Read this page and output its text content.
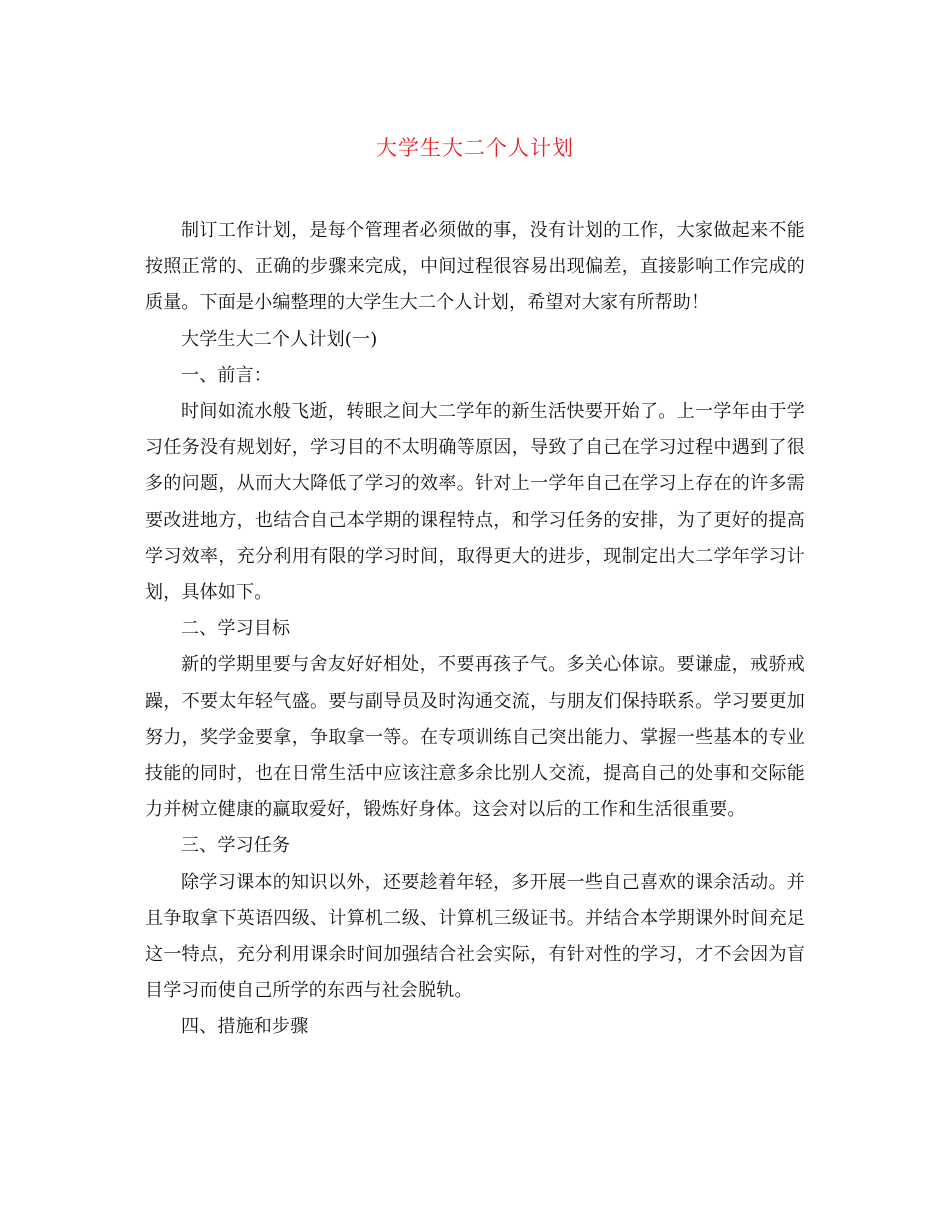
大学生大二个人计划

制订工作计划，是每个管理者必须做的事，没有计划的工作，大家做起来不能按照正常的、正确的步骤来完成，中间过程很容易出现偏差，直接影响工作完成的质量。下面是小编整理的大学生大二个人计划，希望对大家有所帮助！

大学生大二个人计划(一)

一、前言：

时间如流水般飞逝，转眼之间大二学年的新生活快要开始了。上一学年由于学习任务没有规划好，学习目的不太明确等原因，导致了自己在学习过程中遇到了很多的问题，从而大大降低了学习的效率。针对上一学年自己在学习上存在的许多需要改进地方，也结合自己本学期的课程特点，和学习任务的安排，为了更好的提高学习效率，充分利用有限的学习时间，取得更大的进步，现制定出大二学年学习计划，具体如下。

二、学习目标

新的学期里要与舍友好好相处，不要再孩子气。多关心体谅。要谦虚，戒骄戒躁，不要太年轻气盛。要与副导员及时沟通交流，与朋友们保持联系。学习要更加努力，奖学金要拿，争取拿一等。在专项训练自己突出能力、掌握一些基本的专业技能的同时，也在日常生活中应该注意多余比别人交流，提高自己的处事和交际能力并树立健康的赢取爱好，锻炼好身体。这会对以后的工作和生活很重要。

三、学习任务

除学习课本的知识以外，还要趁着年轻，多开展一些自己喜欢的课余活动。并且争取拿下英语四级、计算机二级、计算机三级证书。并结合本学期课外时间充足这一特点，充分利用课余时间加强结合社会实际，有针对性的学习，才不会因为盲目学习而使自己所学的东西与社会脱轨。

四、措施和步骤
